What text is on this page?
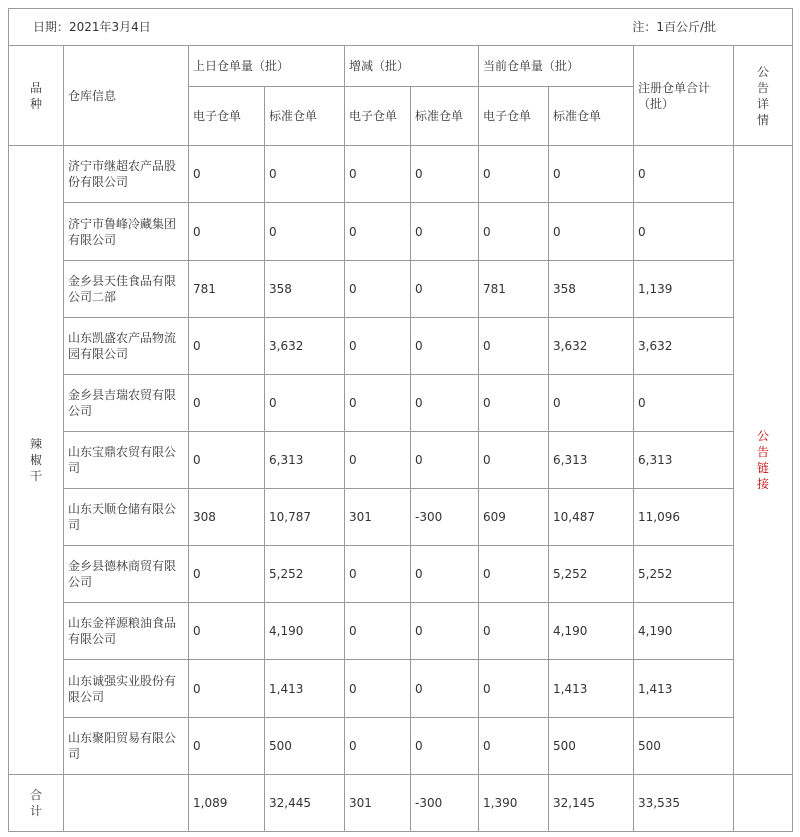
日期：2021年3月4日 注：1百公斤/批									

品种	仓库信息	上日仓单量（批）		增减（批）		当前仓单量（批）		注册仓单合计（批）	公告详情
		电子仓单	标准仓单	电子仓单	标准仓单	电子仓单	标准仓单		
辣椒干	济宁市继超农产品股份有限公司	0	0	0	0	0	0	0	公告链接
	济宁市鲁峰冷藏集团有限公司	0	0	0	0	0	0	0	
	金乡县天佳食品有限公司二部	781	358	0	0	781	358	1,139	
	山东凯盛农产品物流园有限公司	0	3,632	0	0	0	3,632	3,632	
	金乡县吉瑞农贸有限公司	0	0	0	0	0	0	0	
	山东宝鼎农贸有限公司	0	6,313	0	0	0	6,313	6,313	
	山东天顺仓储有限公司	308	10,787	301	-300	609	10,487	11,096	
	金乡县德林商贸有限公司	0	5,252	0	0	0	5,252	5,252	
	山东金祥源粮油食品有限公司	0	4,190	0	0	0	4,190	4,190	
	山东诚强实业股份有限公司	0	1,413	0	0	0	1,413	1,413	
	山东聚阳贸易有限公司	0	500	0	0	0	500	500	
合计		1,089	32,445	301	-300	1,390	32,145	33,535	
